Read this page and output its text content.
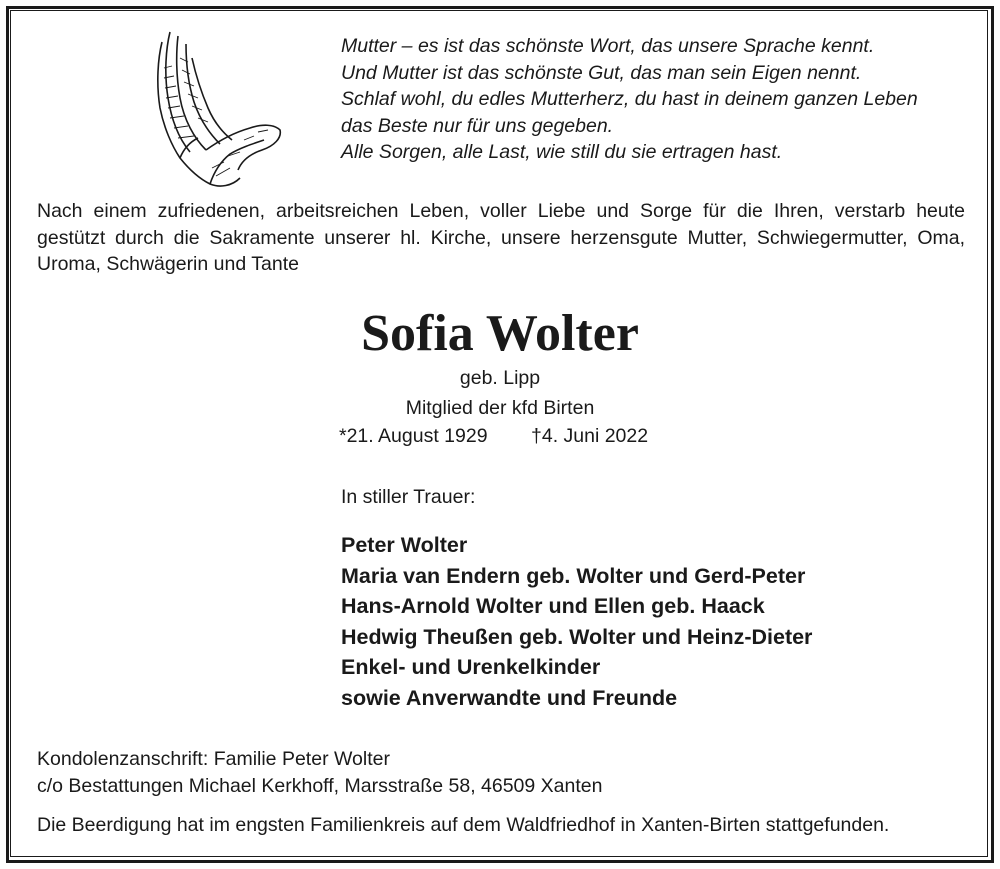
Mutter – es ist das schönste Wort, das unsere Sprache kennt.
Und Mutter ist das schönste Gut, das man sein Eigen nennt.
Schlaf wohl, du edles Mutterherz, du hast in deinem ganzen Leben
das Beste nur für uns gegeben.
Alle Sorgen, alle Last, wie still du sie ertragen hast.
Nach einem zufriedenen, arbeitsreichen Leben, voller Liebe und Sorge für die Ihren, verstarb heute gestützt durch die Sakramente unserer hl. Kirche, unsere herzensgute Mutter, Schwiegermutter, Oma, Uroma, Schwägerin und Tante
Sofia Wolter
geb. Lipp
Mitglied der kfd Birten
*21. August 1929 †4. Juni 2022
In stiller Trauer:
Peter Wolter
Maria van Endern geb. Wolter und Gerd-Peter
Hans-Arnold Wolter und Ellen geb. Haack
Hedwig Theußen geb. Wolter und Heinz-Dieter
Enkel- und Urenkelkinder
sowie Anverwandte und Freunde
Kondolenzanschrift: Familie Peter Wolter
c/o Bestattungen Michael Kerkhoff, Marsstraße 58, 46509 Xanten
Die Beerdigung hat im engsten Familienkreis auf dem Waldfriedhof in Xanten-Birten stattgefunden.
